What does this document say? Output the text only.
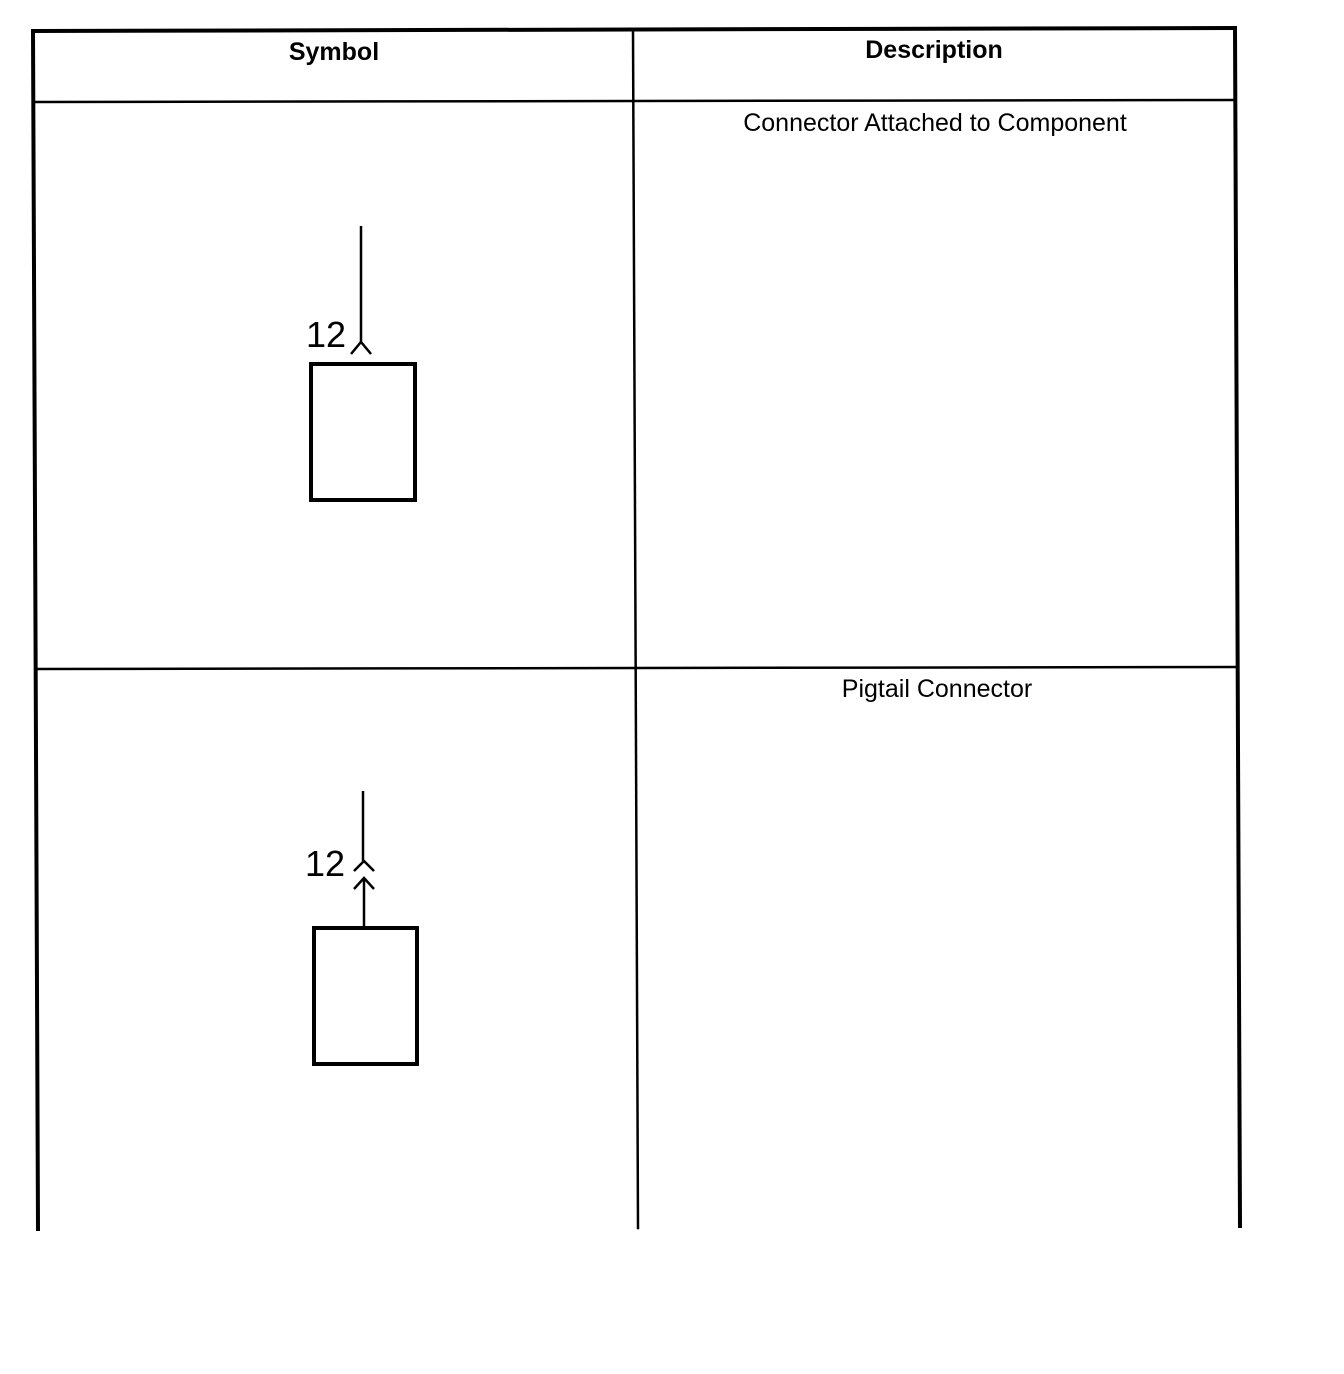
Symbol	Description
Connector Attached to Component
12
Pigtail Connector
12
